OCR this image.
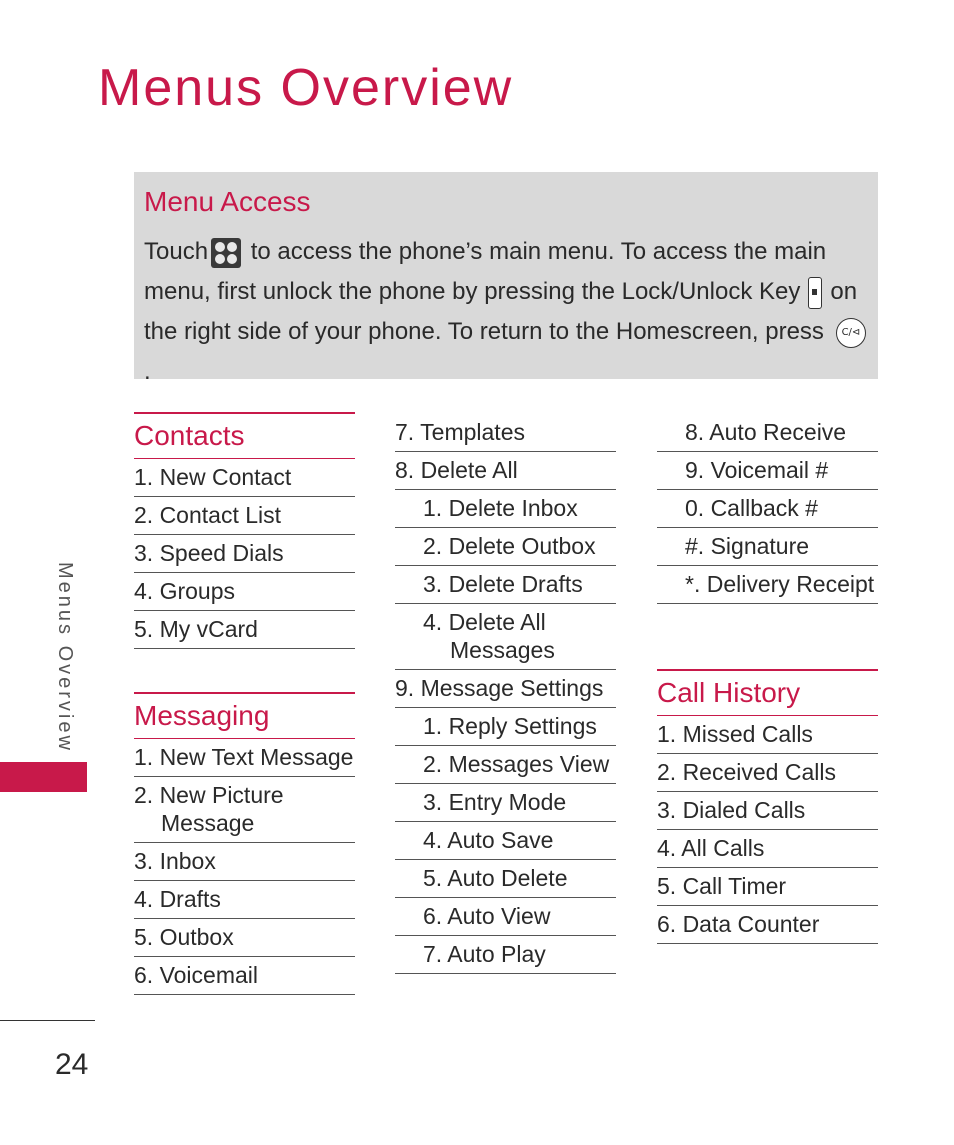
Menus Overview
Menu Access
Touch to access the phone’s main menu. To access the main menu, first unlock the phone by pressing the Lock/Unlock Key on the right side of your phone. To return to the Homescreen, press C/⊲.
Contacts
1. New Contact
2. Contact List
3. Speed Dials
4. Groups
5. My vCard
Messaging
1. New Text Message
2. New Picture
Message
3. Inbox
4. Drafts
5. Outbox
6. Voicemail
7. Templates
8. Delete All
1. Delete Inbox
2. Delete Outbox
3. Delete Drafts
4. Delete All
Messages
9. Message Settings
1. Reply Settings
2. Messages View
3. Entry Mode
4. Auto Save
5. Auto Delete
6. Auto View
7. Auto Play
8. Auto Receive
9. Voicemail #
0. Callback #
#. Signature
*. Delivery Receipt
Call History
1. Missed Calls
2. Received Calls
3. Dialed Calls
4. All Calls
5. Call Timer
6. Data Counter
Menus Overview
24
